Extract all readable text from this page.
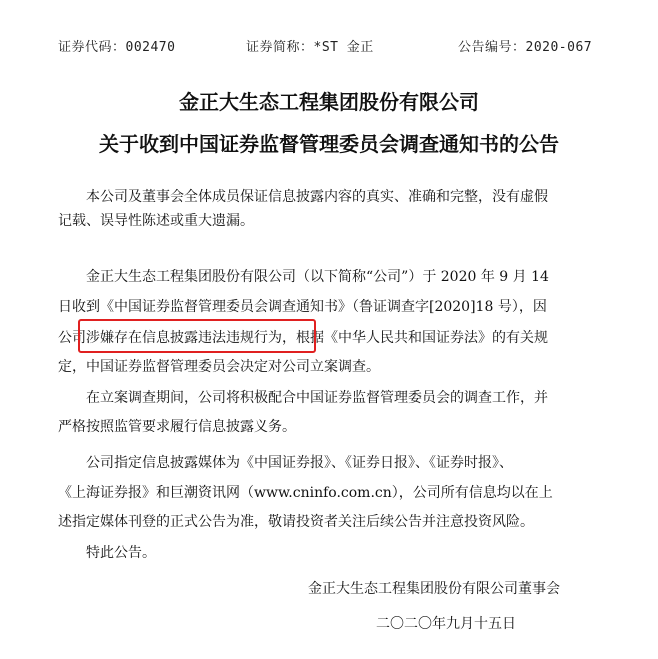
证券代码：002470	证券简称：*ST 金正	公告编号：2020-067
金正大生态工程集团股份有限公司
关于收到中国证券监督管理委员会调查通知书的公告
本公司及董事会全体成员保证信息披露内容的真实、准确和完整，没有虚假
记载、误导性陈述或重大遗漏。
金正大生态工程集团股份有限公司（以下简称“公司”）于 2020 年 9 月 14
日收到《中国证券监督管理委员会调查通知书》（鲁证调查字[2020]18 号），因
公司涉嫌存在信息披露违法违规行为，根据《中华人民共和国证券法》的有关规
定，中国证券监督管理委员会决定对公司立案调查。
在立案调查期间，公司将积极配合中国证券监督管理委员会的调查工作，并
严格按照监管要求履行信息披露义务。
公司指定信息披露媒体为《中国证券报》、《证券日报》、《证券时报》、
《上海证券报》和巨潮资讯网（www.cninfo.com.cn），公司所有信息均以在上
述指定媒体刊登的正式公告为准，敬请投资者关注后续公告并注意投资风险。
特此公告。
金正大生态工程集团股份有限公司董事会
二〇二〇年九月十五日
